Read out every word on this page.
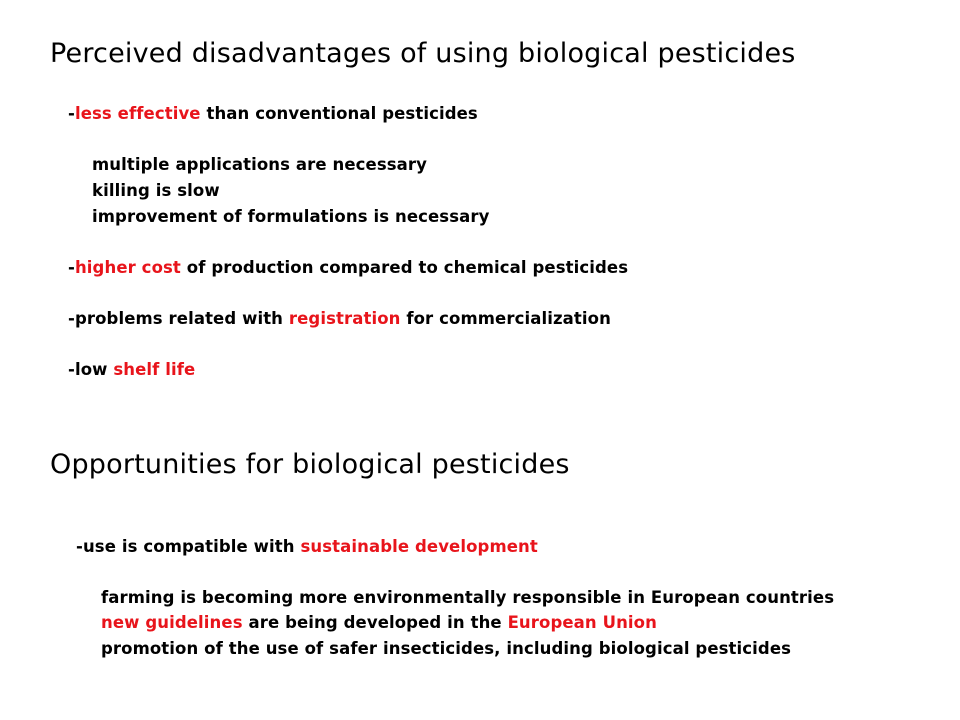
Perceived disadvantages of using biological pesticides

-less effective than conventional pesticides

multiple applications are necessary

killing is slow

improvement of formulations is necessary

-higher cost of production compared to chemical pesticides

-problems related with registration for commercialization

-low shelf life

Opportunities for biological pesticides

-use is compatible with sustainable development

farming is becoming more environmentally responsible in European countries

new guidelines are being developed in the European Union

promotion of the use of safer insecticides, including biological pesticides
